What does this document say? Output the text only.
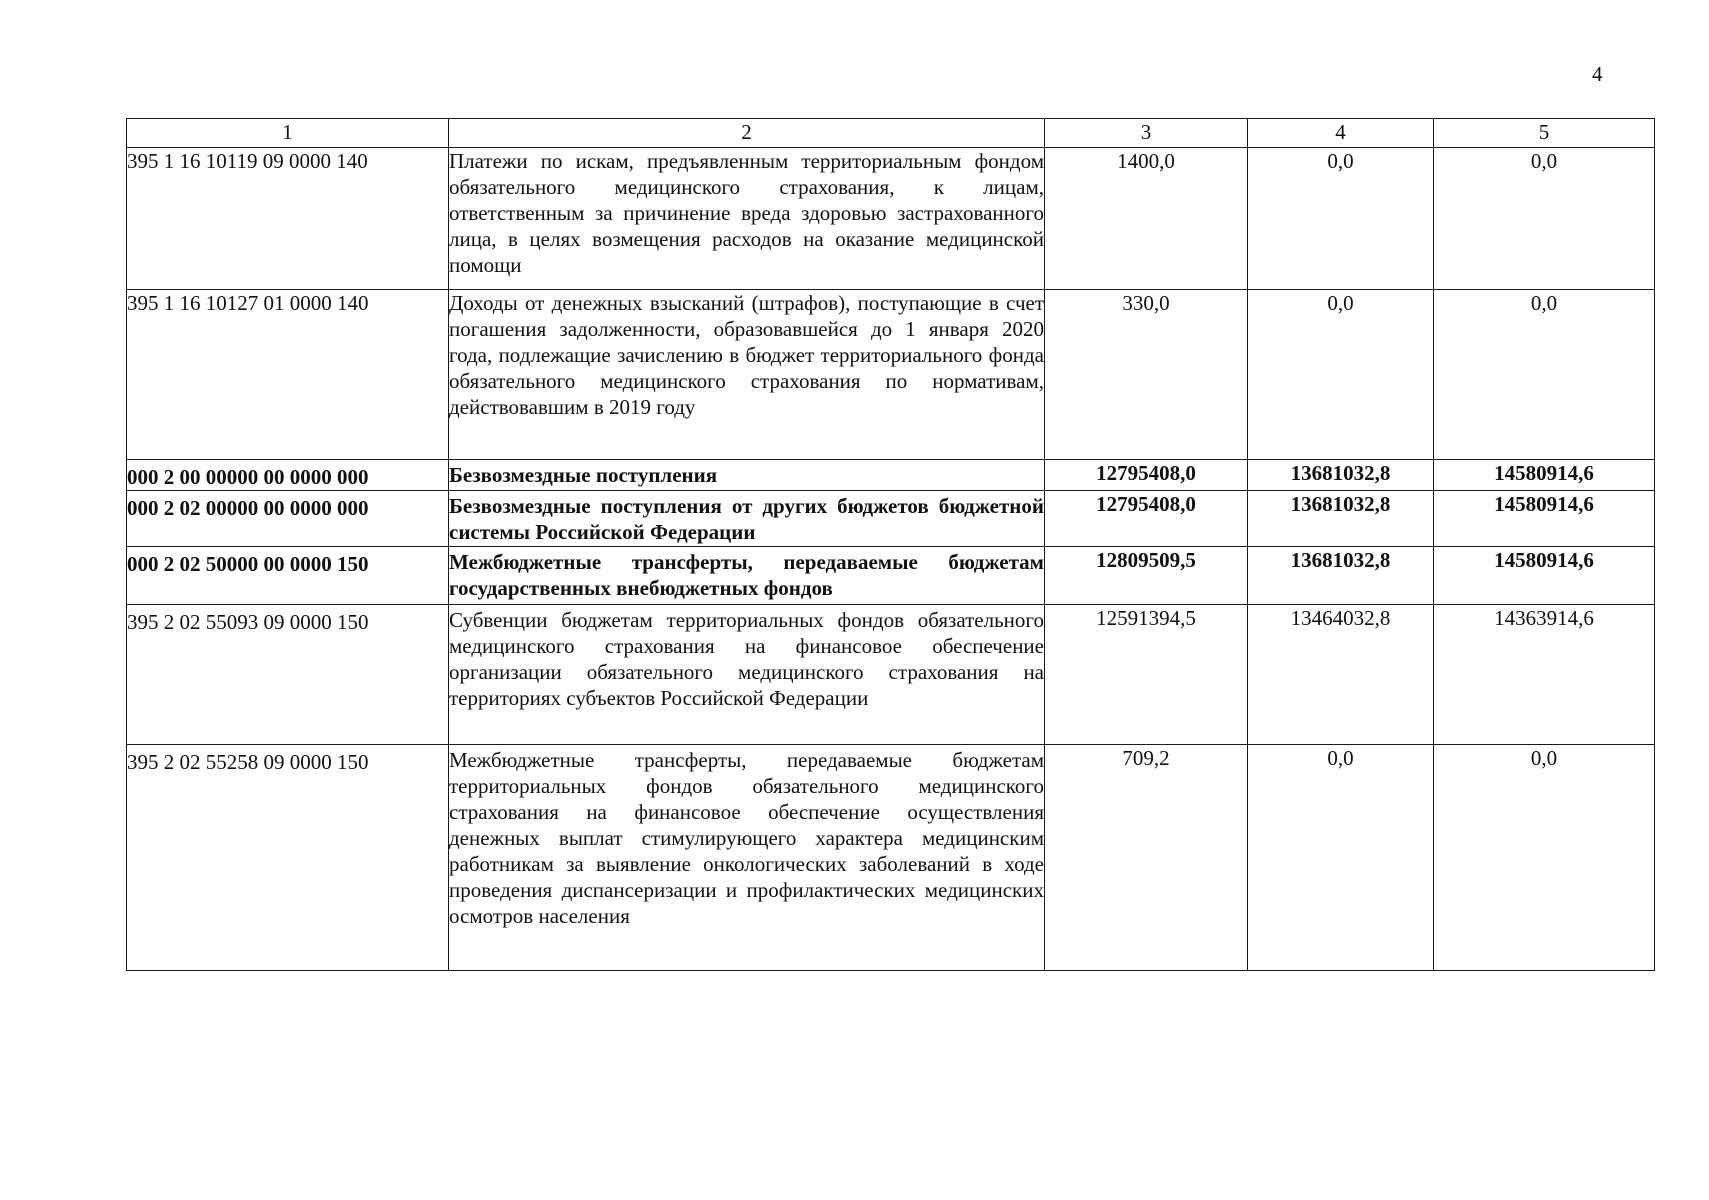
4
1	2	3	4	5
395 1 16 10119 09 0000 140	Платежи по искам, предъявленным территориальным фондом обязательного медицинского страхования, к лицам, ответственным за причинение вреда здоровью застрахованного лица, в целях возмещения расходов на оказание медицинской помощи	1400,0	0,0	0,0
395 1 16 10127 01 0000 140	Доходы от денежных взысканий (штрафов), поступающие в счет погашения задолженности, образовавшейся до 1 января 2020 года, подлежащие зачислению в бюджет территориального фонда обязательного медицинского страхования по нормативам, действовавшим в 2019 году	330,0	0,0	0,0
000 2 00 00000 00 0000 000	Безвозмездные поступления	12795408,0	13681032,8	14580914,6
000 2 02 00000 00 0000 000	Безвозмездные поступления от других бюджетов бюджетной системы Российской Федерации	12795408,0	13681032,8	14580914,6
000 2 02 50000 00 0000 150	Межбюджетные трансферты, передаваемые бюджетам государственных внебюджетных фондов	12809509,5	13681032,8	14580914,6
395 2 02 55093 09 0000 150	Субвенции бюджетам территориальных фондов обязательного медицинского страхования на финансовое обеспечение организации обязательного медицинского страхования на территориях субъектов Российской Федерации	12591394,5	13464032,8	14363914,6
395 2 02 55258 09 0000 150	Межбюджетные трансферты, передаваемые бюджетам территориальных фондов обязательного медицинского страхования на финансовое обеспечение осуществления денежных выплат стимулирующего характера медицинским работникам за выявление онкологических заболеваний в ходе проведения диспансеризации и профилактических медицинских осмотров населения	709,2	0,0	0,0
